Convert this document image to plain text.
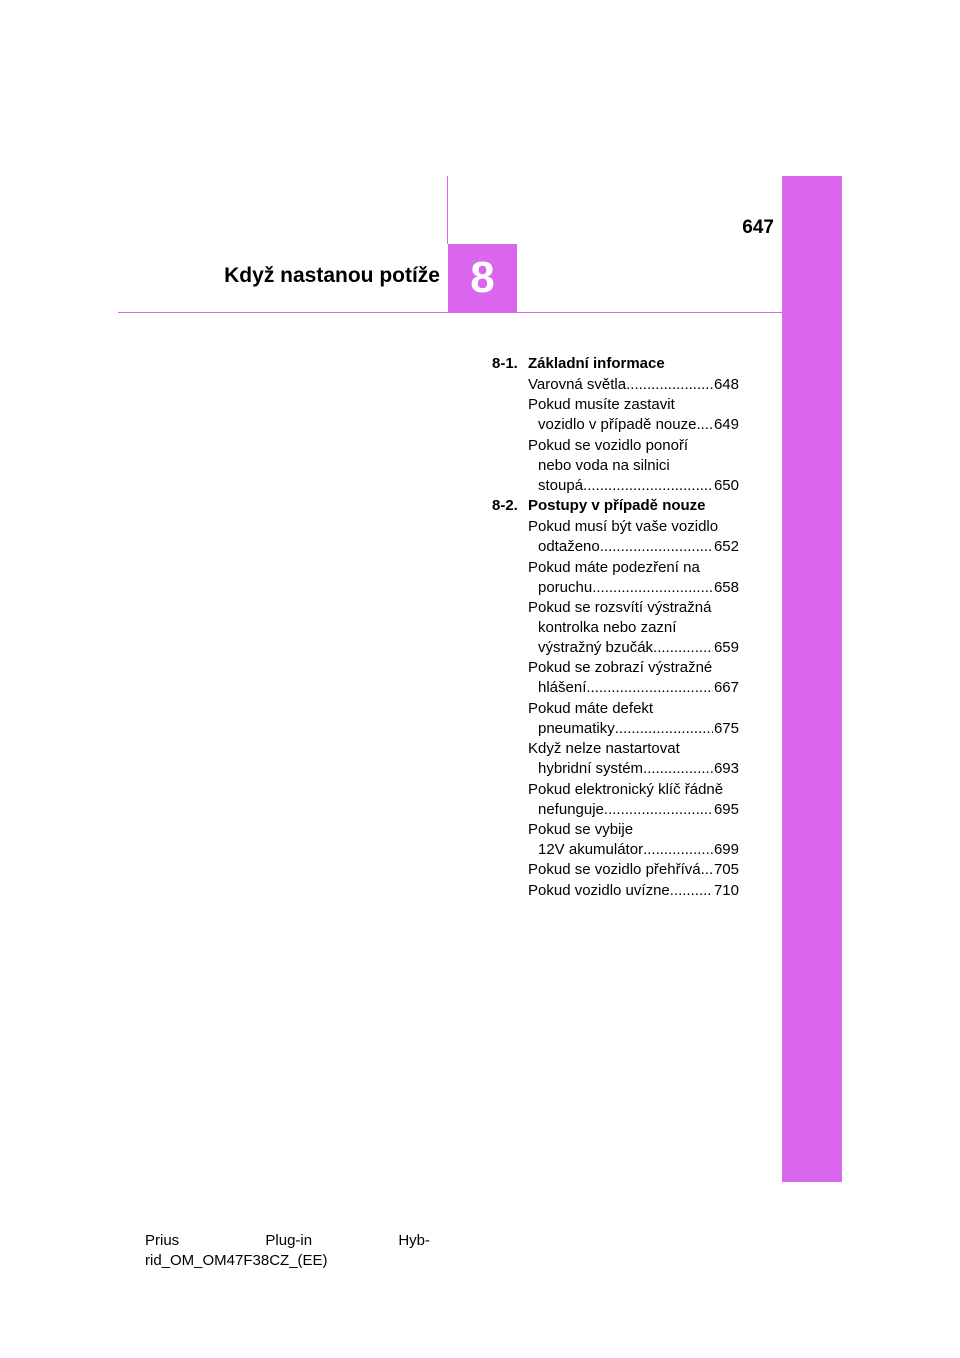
8
647
Když nastanou potíže
8-1. Základní informace
Varovná světla .....	648
Pokud musíte zastavit
vozidlo v případě nouze ..... 649
Pokud se vozidlo ponoří
nebo voda na silnici
stoupá .....	650
8-2. Postupy v případě nouze
Pokud musí být vaše vozidlo
odtaženo .....	652
Pokud máte podezření na
poruchu .....	658
Pokud se rozsvítí výstražná
kontrolka nebo zazní
výstražný bzučák .....	659
Pokud se zobrazí výstražné
hlášení .....	667
Pokud máte defekt
pneumatiky .....	675
Když nelze nastartovat
hybridní systém .....	693
Pokud elektronický klíč řádně
nefunguje .....	695
Pokud se vybije
12V akumulátor .....	699
Pokud se vozidlo přehřívá ..... 705
Pokud vozidlo uvízne .....	710
Prius	Plug-in	Hyb-
rid_OM_OM47F38CZ_(EE)
